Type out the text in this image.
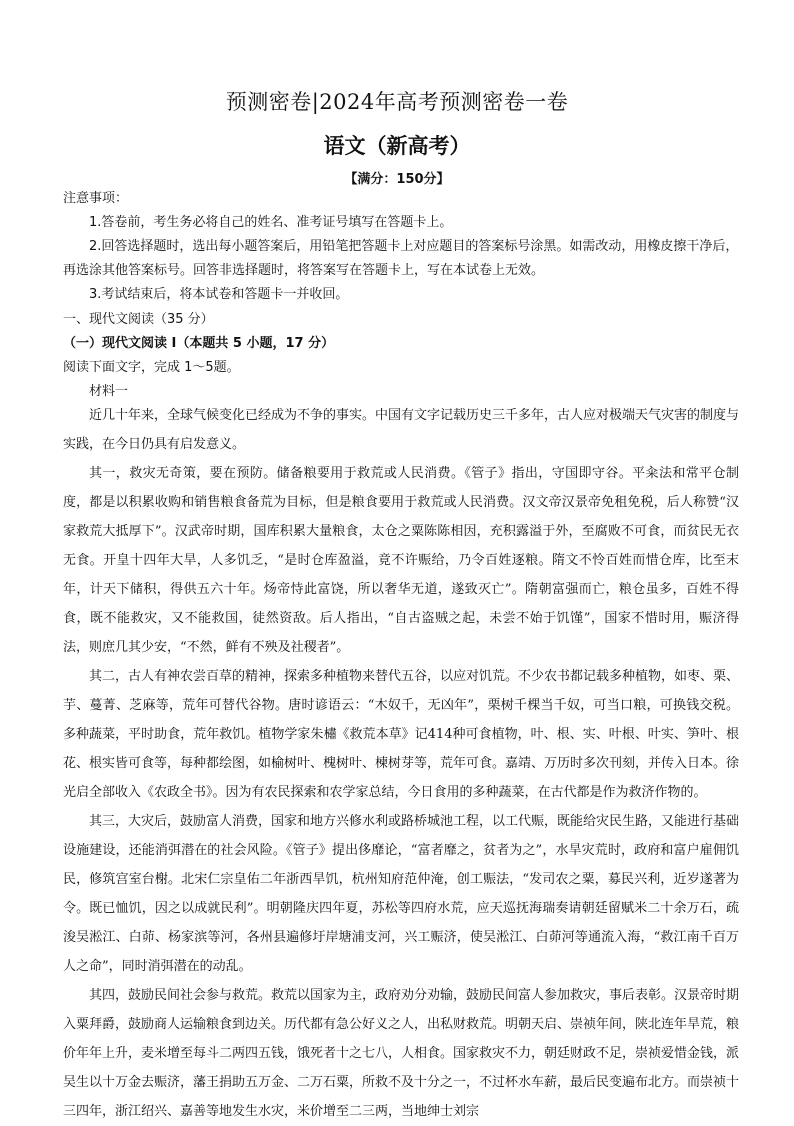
预测密卷|2024年高考预测密卷一卷
语文（新高考）
【满分：150分】

注意事项：

1.答卷前，考生务必将自己的姓名、准考证号填写在答题卡上。

2.回答选择题时，选出每小题答案后，用铅笔把答题卡上对应题目的答案标号涂黑。如需改动，用橡皮擦干净后，再选涂其他答案标号。回答非选择题时，将答案写在答题卡上，写在本试卷上无效。

3.考试结束后，将本试卷和答题卡一并收回。

一、现代文阅读（35 分）

（一）现代文阅读 I（本题共 5 小题，17 分）

阅读下面文字，完成 1～5题。

材料一

近几十年来，全球气候变化已经成为不争的事实。中国有文字记载历史三千多年，古人应对极端天气灾害的制度与实践，在今日仍具有启发意义。

其一，救灾无奇策，要在预防。储备粮要用于救荒或人民消费。《管子》指出，守国即守谷。平籴法和常平仓制度，都是以积累收购和销售粮食备荒为目标，但是粮食要用于救荒或人民消费。汉文帝汉景帝免租免税，后人称赞“汉家救荒大抵厚下”。汉武帝时期，国库积累大量粮食，太仓之粟陈陈相因，充积露溢于外，至腐败不可食，而贫民无衣无食。开皇十四年大旱，人多饥乏，“是时仓库盈溢，竟不许赈给，乃令百姓逐粮。隋文不怜百姓而惜仓库，比至末年，计天下储积，得供五六十年。炀帝恃此富饶，所以奢华无道，遂致灭亡”。隋朝富强而亡，粮仓虽多，百姓不得食，既不能救灾，又不能救国，徒然资敌。后人指出，“自古盗贼之起，未尝不始于饥馑”，国家不惜时用，赈济得法，则庶几其少安，“不然，鲜有不殃及社稷者”。

其二，古人有神农尝百草的精神，探索多种植物来替代五谷，以应对饥荒。不少农书都记载多种植物，如枣、栗、芋、蔓菁、芝麻等，荒年可替代谷物。唐时谚语云：“木奴千，无凶年”，栗树千棵当千奴，可当口粮，可换钱交税。多种蔬菜，平时助食，荒年救饥。植物学家朱橚《救荒本草》记414种可食植物，叶、根、实、叶根、叶实、笋叶、根花、根实皆可食等，每种都绘图，如榆树叶、槐树叶、楝树芽等，荒年可食。嘉靖、万历时多次刊刻，并传入日本。徐光启全部收入《农政全书》。因为有农民探索和农学家总结，今日食用的多种蔬菜，在古代都是作为救济作物的。

其三，大灾后，鼓励富人消费，国家和地方兴修水利或路桥城池工程，以工代赈，既能给灾民生路，又能进行基础设施建设，还能消弭潜在的社会风险。《管子》提出侈靡论，“富者靡之，贫者为之”，水旱灾荒时，政府和富户雇佣饥民，修筑宫室台榭。北宋仁宗皇佑二年浙西旱饥，杭州知府范仲淹，创工赈法，“发司农之粟，募民兴利，近岁遂著为令。既已恤饥，因之以成就民利”。明朝隆庆四年夏，苏松等四府水荒，应天巡抚海瑞奏请朝廷留赋米二十余万石，疏浚吴淞江、白茆、杨家滨等河，各州县遍修圩岸塘浦支河，兴工赈济，使吴淞江、白茆河等通流入海，“救江南千百万人之命”，同时消弭潜在的动乱。

其四，鼓励民间社会参与救荒。救荒以国家为主，政府劝分劝输，鼓励民间富人参加救灾，事后表彰。汉景帝时期入粟拜爵，鼓励商人运输粮食到边关。历代都有急公好义之人，出私财救荒。明朝天启、崇祯年间，陕北连年旱荒，粮价年年上升，麦米增至每斗二两四五钱，饿死者十之七八，人相食。国家救灾不力，朝廷财政不足，崇祯爱惜金钱，派吴生以十万金去赈济，藩王捐助五万金、二万石粟，所救不及十分之一，不过杯水车薪，最后民变遍布北方。而崇祯十三四年，浙江绍兴、嘉善等地发生水灾，米价增至二三两，当地绅士刘宗
